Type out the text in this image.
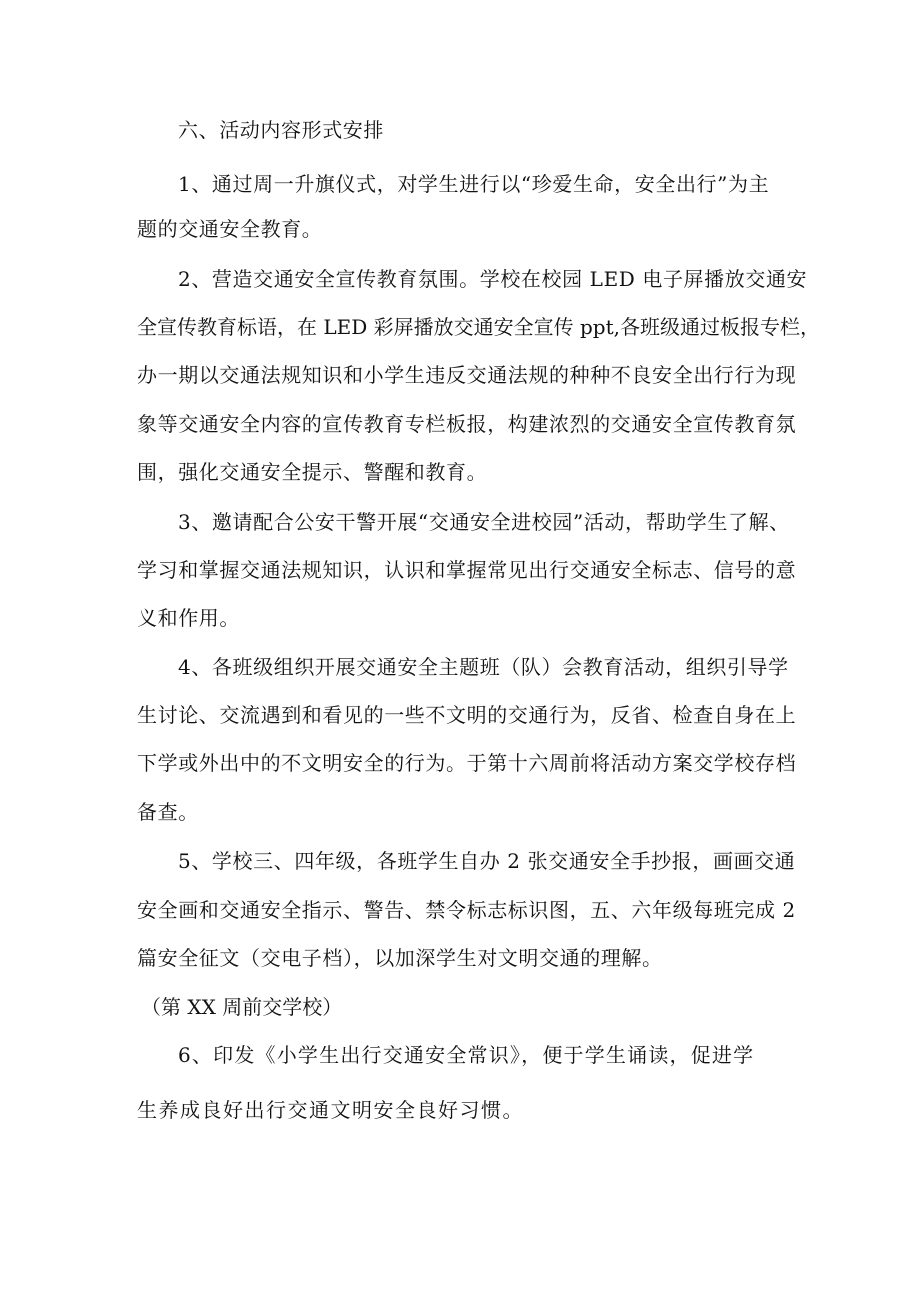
六、活动内容形式安排
1、通过周一升旗仪式，对学生进行以“珍爱生命，安全出行”为主
题的交通安全教育。
2、营造交通安全宣传教育氛围。学校在校园 LED 电子屏播放交通安
全宣传教育标语，在 LED 彩屏播放交通安全宣传 ppt,各班级通过板报专栏，
办一期以交通法规知识和小学生违反交通法规的种种不良安全出行行为现
象等交通安全内容的宣传教育专栏板报，构建浓烈的交通安全宣传教育氛
围，强化交通安全提示、警醒和教育。
3、邀请配合公安干警开展“交通安全进校园”活动，帮助学生了解、
学习和掌握交通法规知识，认识和掌握常见出行交通安全标志、信号的意
义和作用。
4、各班级组织开展交通安全主题班（队）会教育活动，组织引导学
生讨论、交流遇到和看见的一些不文明的交通行为，反省、检查自身在上
下学或外出中的不文明安全的行为。于第十六周前将活动方案交学校存档
备查。
5、学校三、四年级，各班学生自办 2 张交通安全手抄报，画画交通
安全画和交通安全指示、警告、禁令标志标识图，五、六年级每班完成 2
篇安全征文（交电子档），以加深学生对文明交通的理解。
（第 XX 周前交学校）
6、印发《小学生出行交通安全常识》，便于学生诵读，促进学
生养成良好出行交通文明安全良好习惯。
